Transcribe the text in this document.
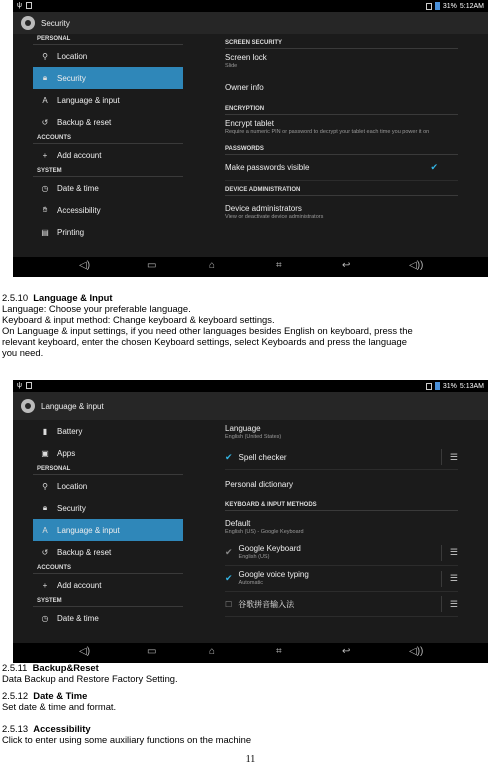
ψ	31% 5:12AM
Security
PERSONAL
⚲	Location
🔒︎	Security
A	Language & input
↺	Backup & reset
ACCOUNTS
+	Add account
SYSTEM
◷	Date & time
✋︎	Accessibility
▤ Printing
SCREEN SECURITY
Screen lock
Slide
Owner info
ENCRYPTION
Encrypt tablet
Require a numeric PIN or password to decrypt your tablet each time you power it on
PASSWORDS
Make passwords visible	✔
DEVICE ADMINISTRATION
Device administrators
View or deactivate device administrators
◁)	▭	⌂	⌗	↩	◁))
2.5.10 Language & Input
Language: Choose your preferable language.
Keyboard & input method: Change keyboard & keyboard settings.
On Language & input settings, if you need other languages besides English on keyboard, press the
relevant keyboard, enter the chosen Keyboard settings, select Keyboards and press the language
you need.
ψ	31% 5:13AM
Language & input
▮	Battery
▣ Apps
PERSONAL
⚲	Location
🔒︎	Security
A	Language & input
↺	Backup & reset
ACCOUNTS
+	Add account
SYSTEM
◷	Date & time
Language
English (United States)
✔ Spell checker	☰
Personal dictionary
KEYBOARD & INPUT METHODS
Default
English (US) - Google Keyboard
✔ Google Keyboard
English (US)	☰
✔ Google voice typing
Automatic	☰
☐ 谷歌拼音输入法	☰
◁)	▭	⌂	⌗	↩	◁))
2.5.11 Backup&Reset
Data Backup and Restore Factory Setting.
2.5.12 Date & Time
Set date & time and format.
2.5.13 Accessibility
Click to enter using some auxiliary functions on the machine
11
